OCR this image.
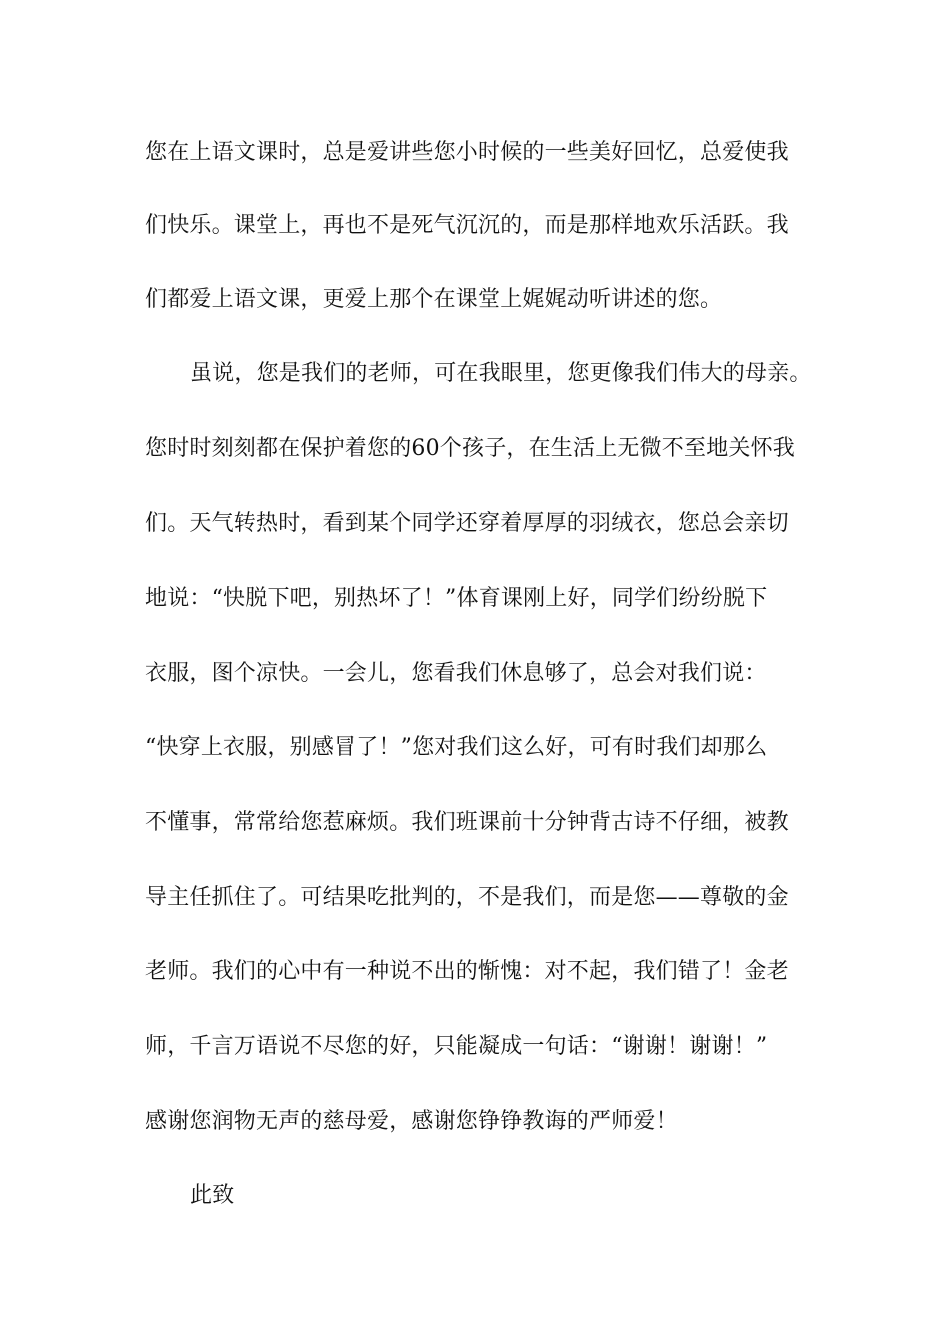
您在上语文课时，总是爱讲些您小时候的一些美好回忆，总爱使我
们快乐。课堂上，再也不是死气沉沉的，而是那样地欢乐活跃。我
们都爱上语文课，更爱上那个在课堂上娓娓动听讲述的您。
虽说，您是我们的老师，可在我眼里，您更像我们伟大的母亲。
您时时刻刻都在保护着您的60个孩子，在生活上无微不至地关怀我
们。天气转热时，看到某个同学还穿着厚厚的羽绒衣，您总会亲切
地说：“快脱下吧，别热坏了！”体育课刚上好，同学们纷纷脱下
衣服，图个凉快。一会儿，您看我们休息够了，总会对我们说：
“快穿上衣服，别感冒了！”您对我们这么好，可有时我们却那么
不懂事，常常给您惹麻烦。我们班课前十分钟背古诗不仔细，被教
导主任抓住了。可结果吃批判的，不是我们，而是您——尊敬的金
老师。我们的心中有一种说不出的惭愧：对不起，我们错了！金老
师，千言万语说不尽您的好，只能凝成一句话：“谢谢！谢谢！”
感谢您润物无声的慈母爱，感谢您铮铮教诲的严师爱！
此致
